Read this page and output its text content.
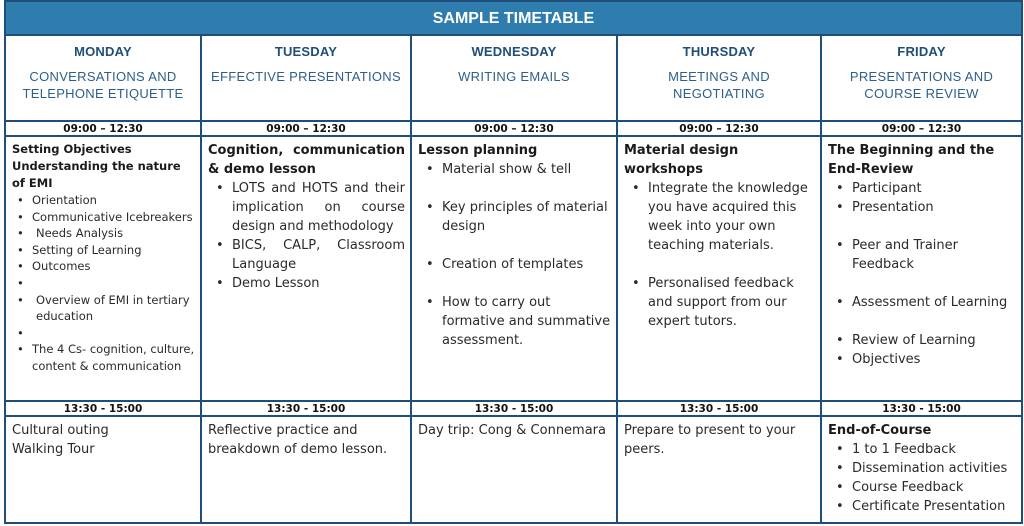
SAMPLE TIMETABLE
MONDAY
CONVERSATIONS AND TELEPHONE ETIQUETTE
09:00 – 12:30
Setting Objectives
Understanding the nature of EMI
• Orientation
• Communicative Icebreakers
• Needs Analysis
• Setting of Learning
• Outcomes
•
• Overview of EMI in tertiary education
•
• The 4 Cs- cognition, culture, content & communication
13:30 - 15:00
Cultural outing
Walking Tour
TUESDAY
EFFECTIVE PRESENTATIONS
09:00 – 12:30
Cognition, communication & demo lesson
• LOTS and HOTS and their implication on course design and methodology
• BICS, CALP, Classroom Language
• Demo Lesson
13:30 - 15:00
Reflective practice and breakdown of demo lesson.
WEDNESDAY
WRITING EMAILS
09:00 – 12:30
Lesson planning
• Material show & tell
• Key principles of material design
• Creation of templates
• How to carry out formative and summative assessment.
13:30 - 15:00
Day trip: Cong & Connemara
THURSDAY
MEETINGS AND NEGOTIATING
09:00 – 12:30
Material design workshops
• Integrate the knowledge you have acquired this week into your own teaching materials.
• Personalised feedback and support from our expert tutors.
13:30 - 15:00
Prepare to present to your peers.
FRIDAY
PRESENTATIONS AND COURSE REVIEW
09:00 – 12:30
The Beginning and the End-Review
• Participant
• Presentation
• Peer and Trainer Feedback
• Assessment of Learning
• Review of Learning
• Objectives
13:30 - 15:00
End-of-Course
• 1 to 1 Feedback
• Dissemination activities
• Course Feedback
• Certificate Presentation
